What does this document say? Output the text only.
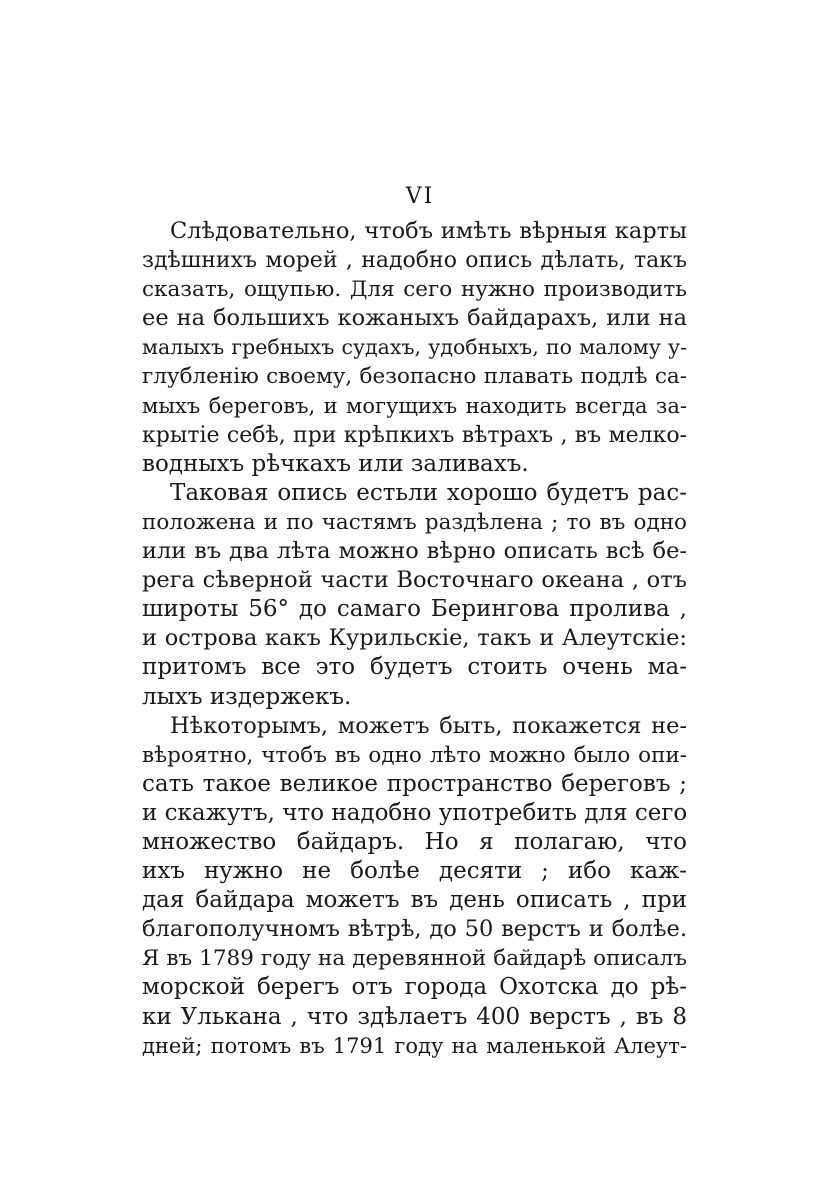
VI
Слѣдовательно, чтобъ имѣть вѣрныя карты
здѣшнихъ морей , надобно опись дѣлать, такъ
сказать, ощупью. Для сего нужно производить
ее на большихъ кожаныхъ байдарахъ, или на
малыхъ гребныхъ судахъ, удобныхъ, по малому у-
глубленію своему, безопасно плавать подлѣ са-
мыхъ береговъ, и могущихъ находить всегда за-
крытіе себѣ, при крѣпкихъ вѣтрахъ , въ мелко-
водныхъ рѣчкахъ или заливахъ.
Таковая опись естьли хорошо будетъ рас-
положена и по частямъ раздѣлена ; то въ одно
или въ два лѣта можно вѣрно описать всѣ бе-
рега сѣверной части Восточнаго океана , отъ
широты 56° до самаго Берингова пролива ,
и острова какъ Курильскіе, такъ и Алеутскіе:
притомъ все это будетъ стоить очень ма-
лыхъ издержекъ.
Нѣкоторымъ, можетъ быть, покажется не-
вѣроятно, чтобъ въ одно лѣто можно было опи-
сать такое великое пространство береговъ ;
и скажутъ, что надобно употребить для сего
множество байдаръ. Но я полагаю, что
ихъ нужно не болѣе десяти ; ибо каж-
дая байдара можетъ въ день описать , при
благополучномъ вѣтрѣ, до 50 верстъ и болѣе.
Я въ 1789 году на деревянной байдарѣ описалъ
морской берегъ отъ города Охотска до рѣ-
ки Улькана , что здѣлаетъ 400 верстъ , въ 8
дней; потомъ въ 1791 году на маленькой Алеут-
